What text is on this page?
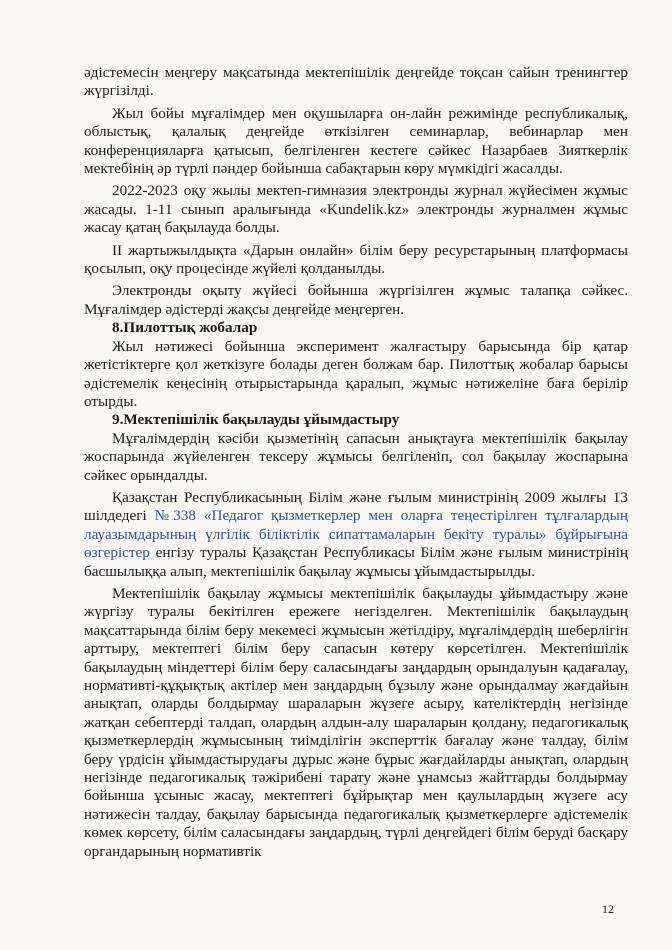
әдістемесін меңгеру мақсатында мектепішілік деңгейде тоқсан сайын тренингтер жүргізілді.

Жыл бойы мұғалімдер мен оқушыларға он-лайн режимінде республикалық, облыстық, қалалық деңгейде өткізілген семинарлар, вебинарлар мен конференцияларға қатысып, белгіленген кестеге сәйкес Назарбаев Зияткерлік мектебінің әр түрлі пәндер бойынша сабақтарын көру мүмкідігі жасалды.

2022-2023 оқу жылы мектеп-гимназия электронды журнал жүйесімен жұмыс жасады. 1-11 сынып аралығында «Kundelik.kz» электронды журналмен жұмыс жасау қатаң бақылауда болды.

ІІ жартыжылдықта «Дарын онлайн» білім беру ресурстарының платформасы қосылып, оқу процесінде жүйелі қолданылды.

Электронды оқыту жүйесі бойынша жүргізілген жұмыс талапқа сәйкес. Мұғалімдер әдістерді жақсы деңгейде меңгерген.

8.Пилоттық жобалар

Жыл нәтижесі бойынша эксперимент жалғастыру барысында бір қатар жетістіктерге қол жеткізуге болады деген болжам бар. Пилоттық жобалар барысы әдістемелік кеңесінің отырыстарында қаралып, жұмыс нәтижеліне баға берілір отырды.

9.Мектепішілік бақылауды ұйымдастыру

Мұғалімдердің кәсіби қызметінің сапасын анықтауға мектепішілік бақылау жоспарында жүйеленген тексеру жұмысы белгіленіп, сол бақылау жоспарына сәйкес орындалды.

Қазақстан Республикасының Білім және ғылым министрінің 2009 жылғы 13 шілдедегі №338 «Педагог қызметкерлер мен оларға теңестірілген тұлғалардың лауазымдарының үлгілік біліктілік сипаттамаларын бекіту туралы» бұйрығына өзгерістер енгізу туралы Қазақстан Республикасы Білім және ғылым министрінің басшылыққа алып, мектепішілік бақылау жұмысы ұйымдастырылды.

Мектепішілік бақылау жұмысы мектепішілік бақылауды ұйымдастыру және жүргізу туралы бекітілген ережеге негізделген. Мектепішілік бақылаудың мақсаттарында білім беру мекемесі жұмысын жетілдіру, мұғалімдердің шеберлігін арттыру, мектептегі білім беру сапасын көтеру көрсетілген. Мектепішілік бақылаудың міндеттері білім беру саласындағы заңдардың орындалуын қадағалау, нормативті-құқықтық актілер мен заңдардың бұзылу және орындалмау жағдайын анықтап, оларды болдырмау шараларын жүзеге асыру, кателіктердің негізінде жатқан себептерді талдап, олардың алдын-алу шараларын қолдану, педагогикалық қызметкерлердің жұмысының тиімділігін эксперттік бағалау және талдау, білім беру үрдісін ұйымдастырудағы дұрыс және бұрыс жағдайларды анықтап, олардың негізінде педагогикалық тәжірибені тарату және ұнамсыз жайттарды болдырмау бойынша ұсыныс жасау, мектептегі бұйрықтар мен қаулылардың жүзеге асу нәтижесін талдау, бақылау барысында педагогикалық қызметкерлерге әдістемелік көмек көрсету, білім саласындағы заңдардың, түрлі деңгейдегі білім беруді басқару органдарының нормативтік

12
